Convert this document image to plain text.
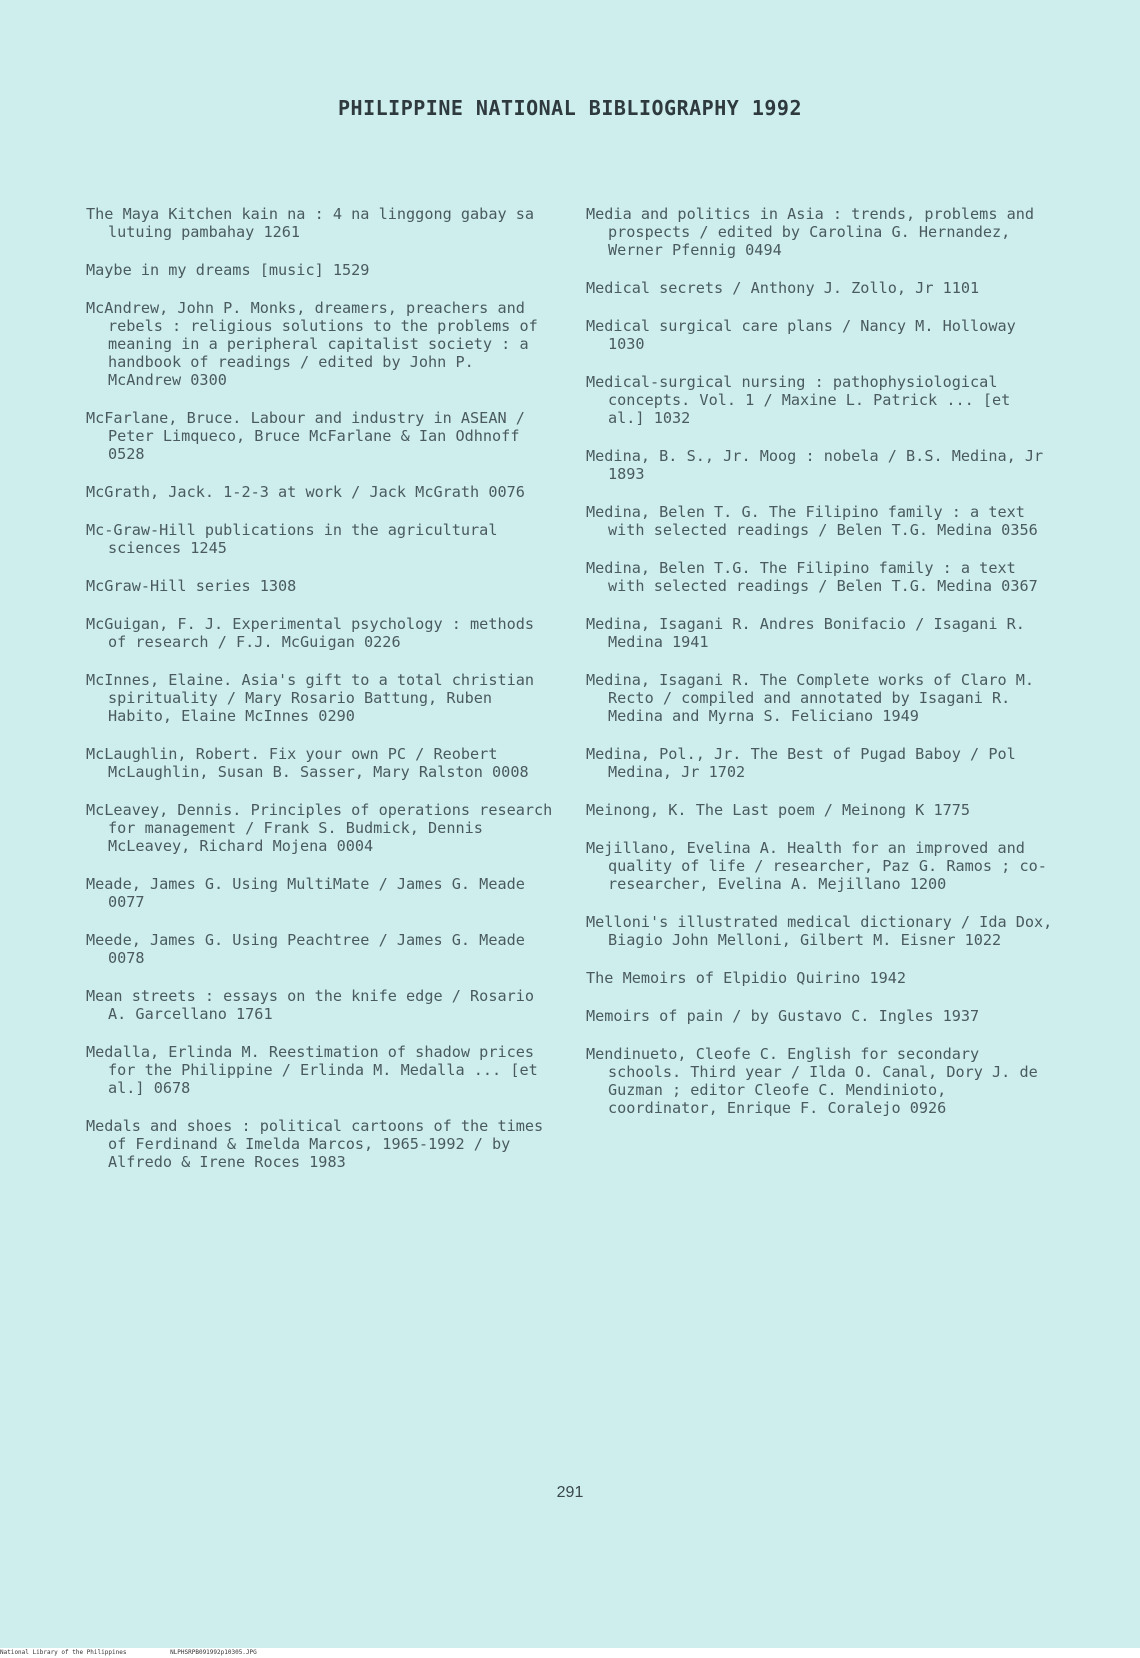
PHILIPPINE NATIONAL BIBLIOGRAPHY 1992

The Maya Kitchen kain na : 4 na linggong gabay sa lutuing pambahay 1261

Maybe in my dreams [music] 1529

McAndrew, John P. Monks, dreamers, preachers and rebels : religious solutions to the problems of meaning in a peripheral capitalist society : a handbook of readings / edited by John P. McAndrew 0300

McFarlane, Bruce. Labour and industry in ASEAN / Peter Limqueco, Bruce McFarlane & Ian Odhnoff 0528

McGrath, Jack. 1-2-3 at work / Jack McGrath 0076

Mc-Graw-Hill publications in the agricultural sciences 1245

McGraw-Hill series 1308

McGuigan, F. J. Experimental psychology : methods of research / F.J. McGuigan 0226

McInnes, Elaine. Asia's gift to a total christian spirituality / Mary Rosario Battung, Ruben Habito, Elaine McInnes 0290

McLaughlin, Robert. Fix your own PC / Reobert McLaughlin, Susan B. Sasser, Mary Ralston 0008

McLeavey, Dennis. Principles of operations research for management / Frank S. Budmick, Dennis McLeavey, Richard Mojena 0004

Meade, James G. Using MultiMate / James G. Meade 0077

Meede, James G. Using Peachtree / James G. Meade 0078

Mean streets : essays on the knife edge / Rosario A. Garcellano 1761

Medalla, Erlinda M. Reestimation of shadow prices for the Philippine / Erlinda M. Medalla ... [et al.] 0678

Medals and shoes : political cartoons of the times of Ferdinand & Imelda Marcos, 1965-1992 / by Alfredo & Irene Roces 1983

Media and politics in Asia : trends, problems and prospects / edited by Carolina G. Hernandez, Werner Pfennig 0494

Medical secrets / Anthony J. Zollo, Jr 1101

Medical surgical care plans / Nancy M. Holloway 1030

Medical-surgical nursing : pathophysiological concepts. Vol. 1 / Maxine L. Patrick ... [et al.] 1032

Medina, B. S., Jr. Moog : nobela / B.S. Medina, Jr 1893

Medina, Belen T. G. The Filipino family : a text with selected readings / Belen T.G. Medina 0356

Medina, Belen T.G. The Filipino family : a text with selected readings / Belen T.G. Medina 0367

Medina, Isagani R. Andres Bonifacio / Isagani R. Medina 1941

Medina, Isagani R. The Complete works of Claro M. Recto / compiled and annotated by Isagani R. Medina and Myrna S. Feliciano 1949

Medina, Pol., Jr. The Best of Pugad Baboy / Pol Medina, Jr 1702

Meinong, K. The Last poem / Meinong K 1775

Mejillano, Evelina A. Health for an improved and quality of life / researcher, Paz G. Ramos ; co-researcher, Evelina A. Mejillano 1200

Melloni's illustrated medical dictionary / Ida Dox, Biagio John Melloni, Gilbert M. Eisner 1022

The Memoirs of Elpidio Quirino 1942

Memoirs of pain / by Gustavo C. Ingles 1937

Mendinueto, Cleofe C. English for secondary schools. Third year / Ilda O. Canal, Dory J. de Guzman ; editor Cleofe C. Mendinioto, coordinator, Enrique F. Coralejo 0926

291
National Library of the Philippines	NLPHSRPB091992p10305.JPG
